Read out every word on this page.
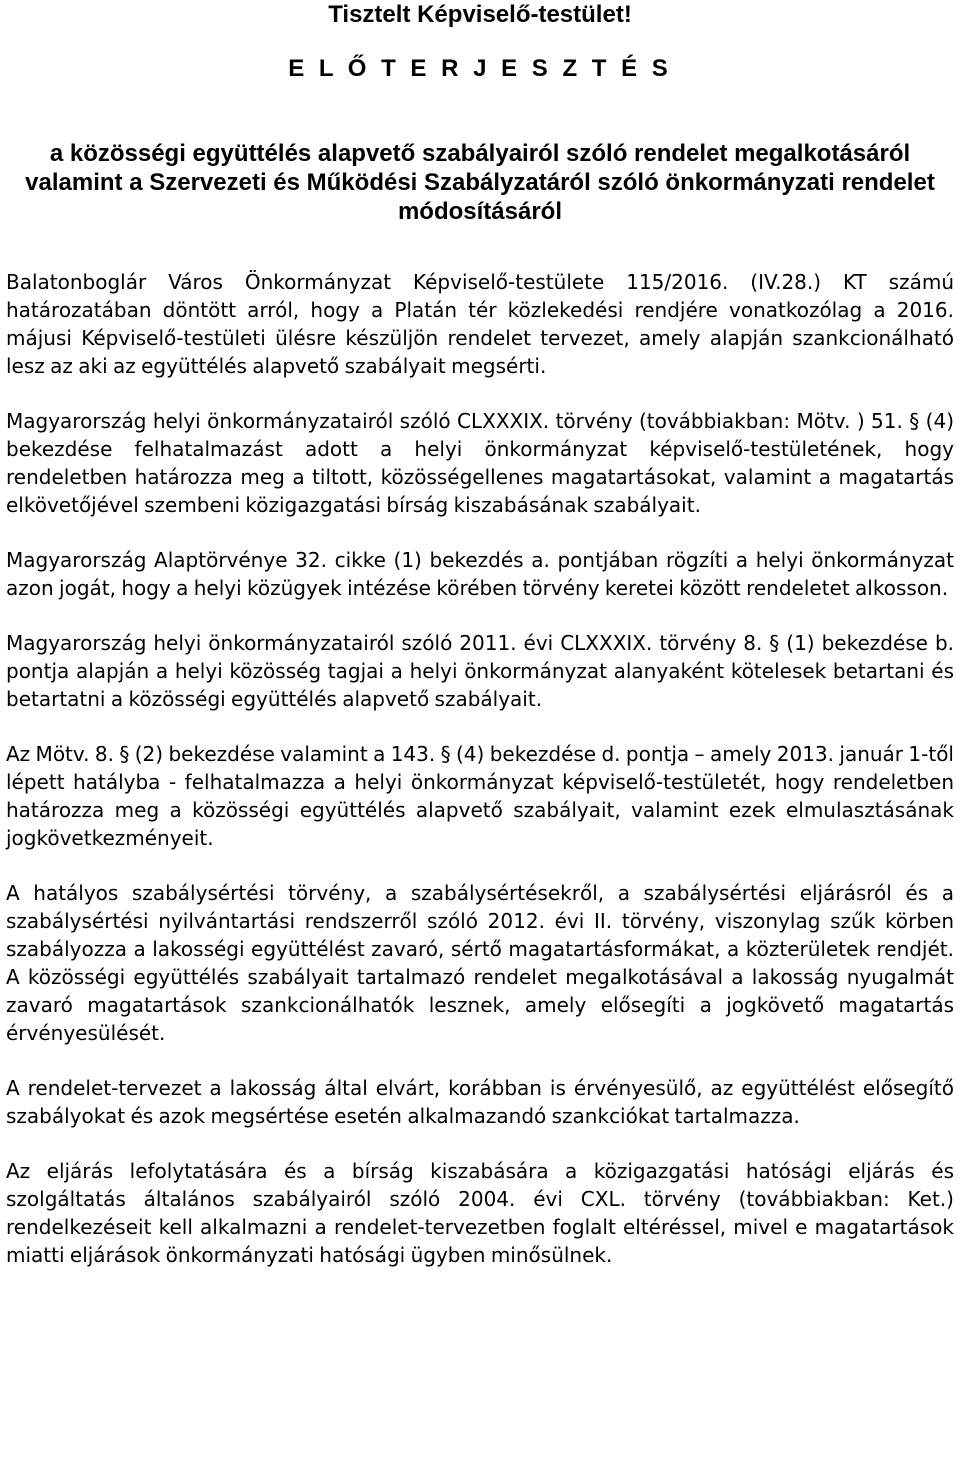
Tisztelt Képviselő-testület!
E L Ő T E R J E S Z T É S
a közösségi együttélés alapvető szabályairól szóló rendelet megalkotásáról valamint a Szervezeti és Működési Szabályzatáról szóló önkormányzati rendelet módosításáról

Balatonboglár Város Önkormányzat Képviselő-testülete 115/2016. (IV.28.) KT számú határozatában döntött arról, hogy a Platán tér közlekedési rendjére vonatkozólag a 2016. májusi Képviselő-testületi ülésre készüljön rendelet tervezet, amely alapján szankcionálható lesz az aki az együttélés alapvető szabályait megsérti.

Magyarország helyi önkormányzatairól szóló CLXXXIX. törvény (továbbiakban: Mötv. ) 51. § (4) bekezdése felhatalmazást adott a helyi önkormányzat képviselő-testületének, hogy rendeletben határozza meg a tiltott, közösségellenes magatartásokat, valamint a magatartás elkövetőjével szembeni közigazgatási bírság kiszabásának szabályait.

Magyarország Alaptörvénye 32. cikke (1) bekezdés a. pontjában rögzíti a helyi önkormányzat azon jogát, hogy a helyi közügyek intézése körében törvény keretei között rendeletet alkosson.

Magyarország helyi önkormányzatairól szóló 2011. évi CLXXXIX. törvény 8. § (1) bekezdése b. pontja alapján a helyi közösség tagjai a helyi önkormányzat alanyaként kötelesek betartani és betartatni a közösségi együttélés alapvető szabályait.

Az Mötv. 8. § (2) bekezdése valamint a 143. § (4) bekezdése d. pontja – amely 2013. január 1-től lépett hatályba - felhatalmazza a helyi önkormányzat képviselő-testületét, hogy rendeletben határozza meg a közösségi együttélés alapvető szabályait, valamint ezek elmulasztásának jogkövetkezményeit.

A hatályos szabálysértési törvény, a szabálysértésekről, a szabálysértési eljárásról és a szabálysértési nyilvántartási rendszerről szóló 2012. évi II. törvény, viszonylag szűk körben szabályozza a lakosségi együttélést zavaró, sértő magatartásformákat, a közterületek rendjét. A közösségi együttélés szabályait tartalmazó rendelet megalkotásával a lakosság nyugalmát zavaró magatartások szankcionálhatók lesznek, amely elősegíti a jogkövető magatartás érvényesülését.

A rendelet-tervezet a lakosság által elvárt, korábban is érvényesülő, az együttélést elősegítő szabályokat és azok megsértése esetén alkalmazandó szankciókat tartalmazza.

Az eljárás lefolytatására és a bírság kiszabására a közigazgatási hatósági eljárás és szolgáltatás általános szabályairól szóló 2004. évi CXL. törvény (továbbiakban: Ket.) rendelkezéseit kell alkalmazni a rendelet-tervezetben foglalt eltéréssel, mivel e magatartások miatti eljárások önkormányzati hatósági ügyben minősülnek.
